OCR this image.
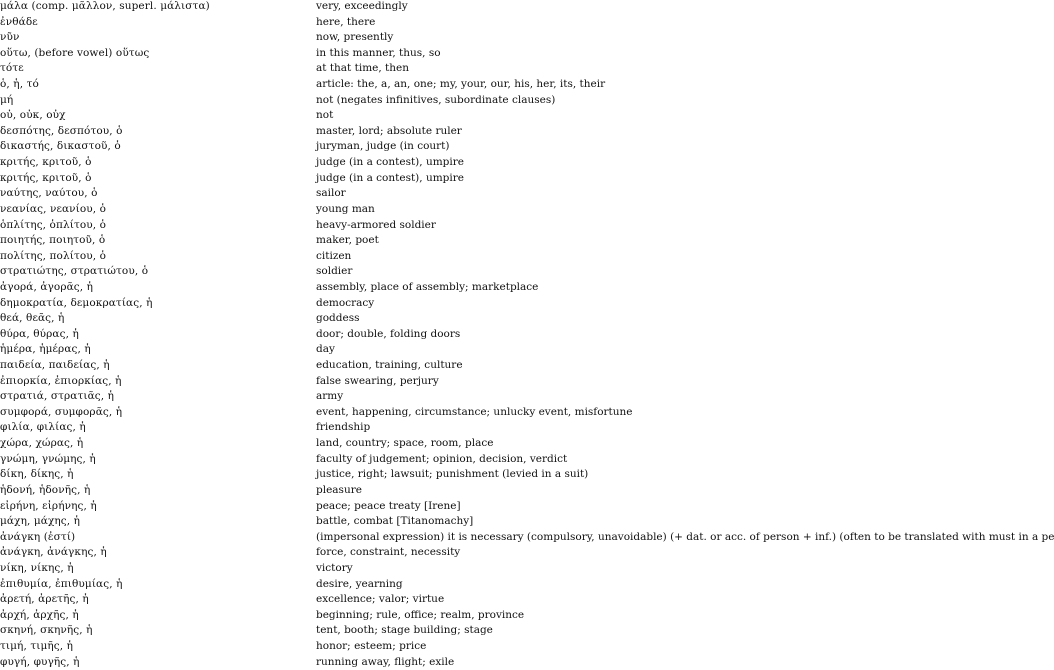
μάλα (comp. μᾶλλον, superl. μάλιστα)	very, exceedingly
ἐνθάδε	here, there
νῦν	now, presently
οὕτω, (before vowel) οὕτως	in this manner, thus, so
τότε	at that time, then
ὁ, ἡ, τό	article: the, a, an, one; my, your, our, his, her, its, their
μή	not (negates infinitives, subordinate clauses)
οὐ, οὐκ, οὐχ	not
δεσπότης, δεσπότου, ὁ	master, lord; absolute ruler
δικαστής, δικαστοῦ, ὁ	juryman, judge (in court)
κριτής, κριτοῦ, ὁ	judge (in a contest), umpire
κριτής, κριτοῦ, ὁ	judge (in a contest), umpire
ναύτης, ναύτου, ὁ	sailor
νεανίας, νεανίου, ὁ	young man
ὁπλίτης, ὁπλίτου, ὁ	heavy-armored soldier
ποιητής, ποιητοῦ, ὁ	maker, poet
πολίτης, πολίτου, ὁ	citizen
στρατιώτης, στρατιώτου, ὁ	soldier
ἀγορά, ἀγορᾶς, ἡ	assembly, place of assembly; marketplace
δημοκρατία, δεμοκρατίας, ἡ	democracy
θεά, θεᾶς, ἡ	goddess
θύρα, θύρας, ἡ	door; double, folding doors
ἡμέρα, ἡμέρας, ἡ	day
παιδεία, παιδείας, ἡ	education, training, culture
ἐπιορκία, ἐπιορκίας, ἡ	false swearing, perjury
στρατιά, στρατιᾶς, ἡ	army
συμφορά, συμφορᾶς, ἡ	event, happening, circumstance; unlucky event, misfortune
φιλία, φιλίας, ἡ	friendship
χώρα, χώρας, ἡ	land, country; space, room, place
γνώμη, γνώμης, ἡ	faculty of judgement; opinion, decision, verdict
δίκη, δίκης, ἡ	justice, right; lawsuit; punishment (levied in a suit)
ἡδονή, ἡδονῆς, ἡ	pleasure
εἰρήνη, εἰρήνης, ἡ	peace; peace treaty [Irene]
μάχη, μάχης, ἡ	battle, combat [Titanomachy]
ἀνάγκη (ἐστί)	(impersonal expression) it is necessary (compulsory, unavoidable) (+ dat. or acc. of person + inf.) (often to be translated with must in a pe
ἀνάγκη, ἀνάγκης, ἡ	force, constraint, necessity
νίκη, νίκης, ἡ	victory
ἐπιθυμία, ἐπιθυμίας, ἡ	desire, yearning
ἀρετή, ἀρετῆς, ἡ	excellence; valor; virtue
ἀρχή, ἀρχῆς, ἡ	beginning; rule, office; realm, province
σκηνή, σκηνῆς, ἡ	tent, booth; stage building; stage
τιμή, τιμῆς, ἡ	honor; esteem; price
φυγή, φυγῆς, ἡ	running away, flight; exile
